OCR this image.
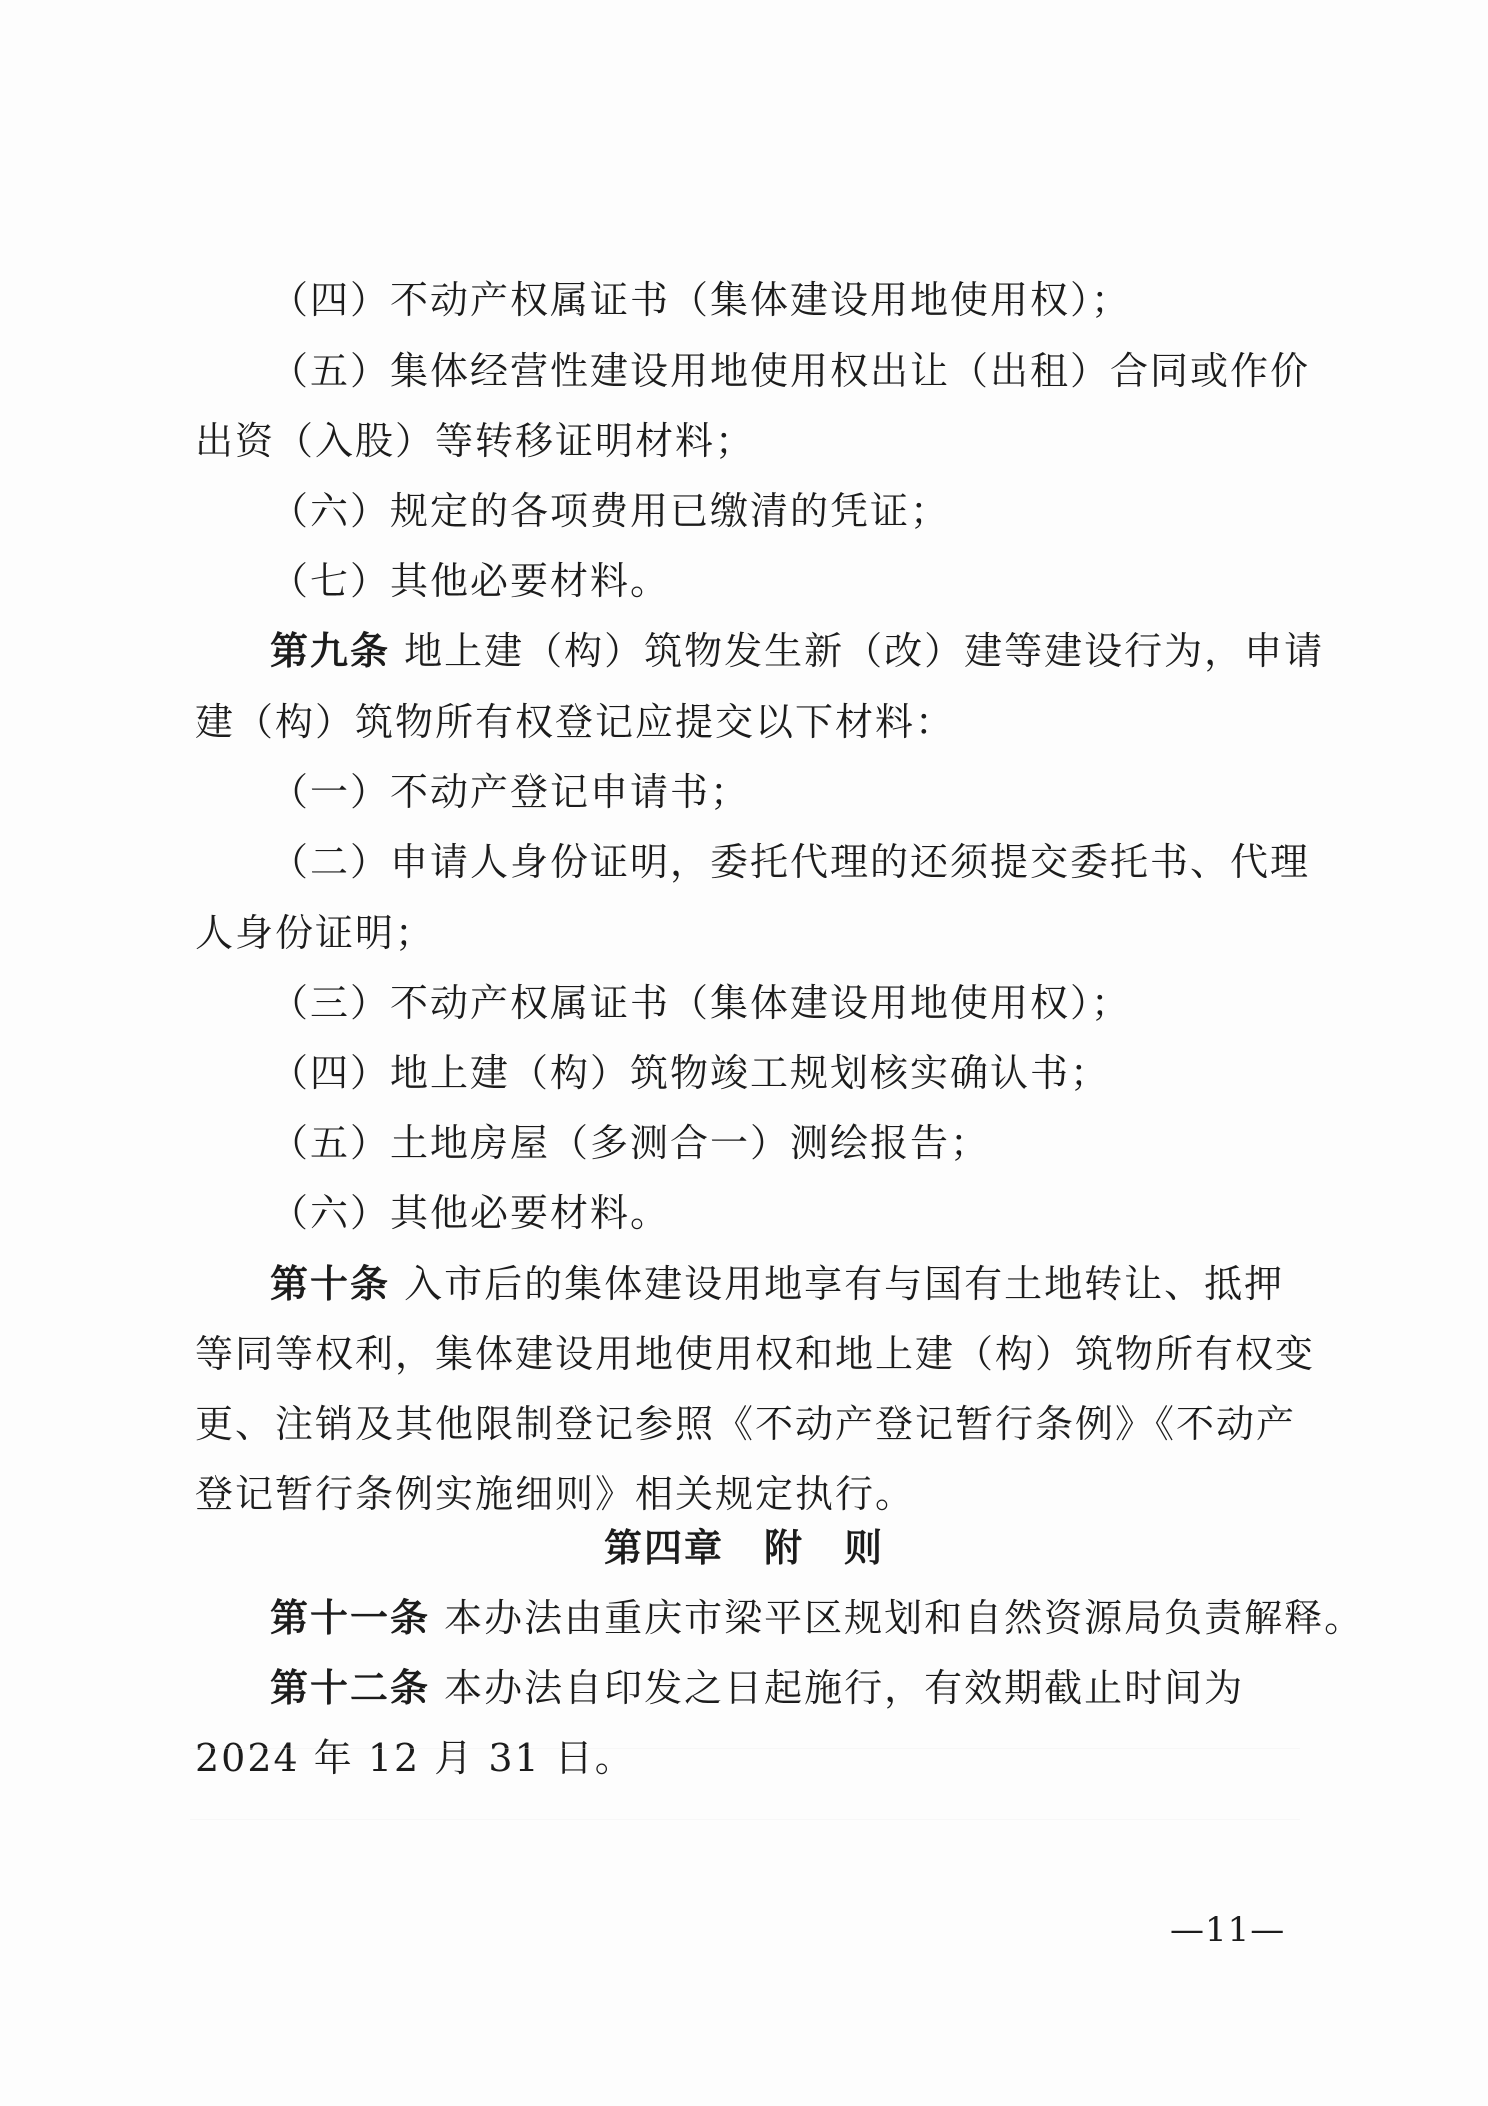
（四）不动产权属证书（集体建设用地使用权）；
（五）集体经营性建设用地使用权出让（出租）合同或作价
出资（入股）等转移证明材料；
（六）规定的各项费用已缴清的凭证；
（七）其他必要材料。
第九条 地上建（构）筑物发生新（改）建等建设行为，申请
建（构）筑物所有权登记应提交以下材料：
（一）不动产登记申请书；
（二）申请人身份证明，委托代理的还须提交委托书、代理
人身份证明；
（三）不动产权属证书（集体建设用地使用权）；
（四）地上建（构）筑物竣工规划核实确认书；
（五）土地房屋（多测合一）测绘报告；
（六）其他必要材料。
第十条 入市后的集体建设用地享有与国有土地转让、抵押
等同等权利，集体建设用地使用权和地上建（构）筑物所有权变
更、注销及其他限制登记参照《不动产登记暂行条例》《不动产
登记暂行条例实施细则》相关规定执行。
第四章　附　则
第十一条 本办法由重庆市梁平区规划和自然资源局负责解释。
第十二条 本办法自印发之日起施行，有效期截止时间为
2024 年 12 月 31 日。
—11—
